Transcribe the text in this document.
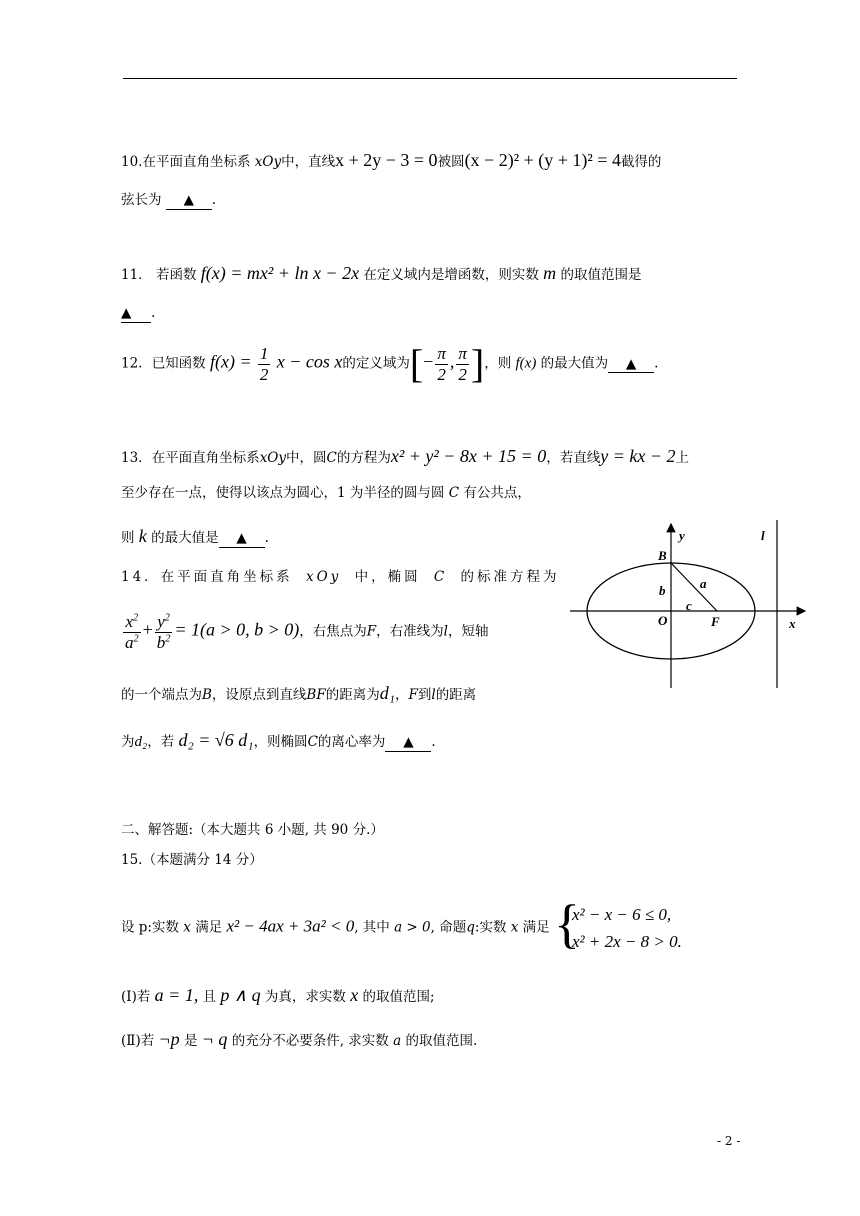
10.在平面直角坐标系 xOy中，直线x + 2y − 3 = 0被圆(x − 2)² + (y + 1)² = 4截得的
弦长为 ▲ .
11． 若函数 f(x) = mx² + ln x − 2x 在定义域内是增函数，则实数 m 的取值范围是
▲ .
12．已知函数 $f(x) = \frac{1}{2}$ x − cos x的定义域为[− $\frac{\pi}{2}$ , $\frac{\pi}{2}$ ]，则 f(x) 的最大值为 ▲ .
13．在平面直角坐标系xOy中，圆C的方程为x² + y² − 8x + 15 = 0，若直线y = kx − 2上
至少存在一点，使得以该点为圆心，1 为半径的圆与圆 C 有公共点，
则 k 的最大值是 ▲ .
14．在平面直角坐标系 xOy 中，椭圆 C 的标准方程为
$\frac{x^2}{a^2} + \frac{y^2}{b^2} = 1(a > 0$, b > 0)，右焦点为F，右准线为l，短轴
的一个端点为B，设原点到直线BF的距离为d₁，F到l的距离
为d₂，若 d₂ = √6 d₁，则椭圆C的离心率为 ▲ .
y
x
B
b	a
c
O	F
l
二、解答题:（本大题共 6 小题, 共 90 分.）
15.（本题满分 14 分）
设 p:实数 x 满足 x² − 4ax + 3a² < 0, 其中 a > 0, 命题q:实数 x 满足 {
x² − x − 6 ≤ 0,
x² + 2x − 8 > 0.
(Ⅰ)若 a = 1, 且 p ∧ q 为真，求实数 x 的取值范围;
(Ⅱ)若 ¬p 是 ¬ q 的充分不必要条件, 求实数 a 的取值范围.
- 2 -
